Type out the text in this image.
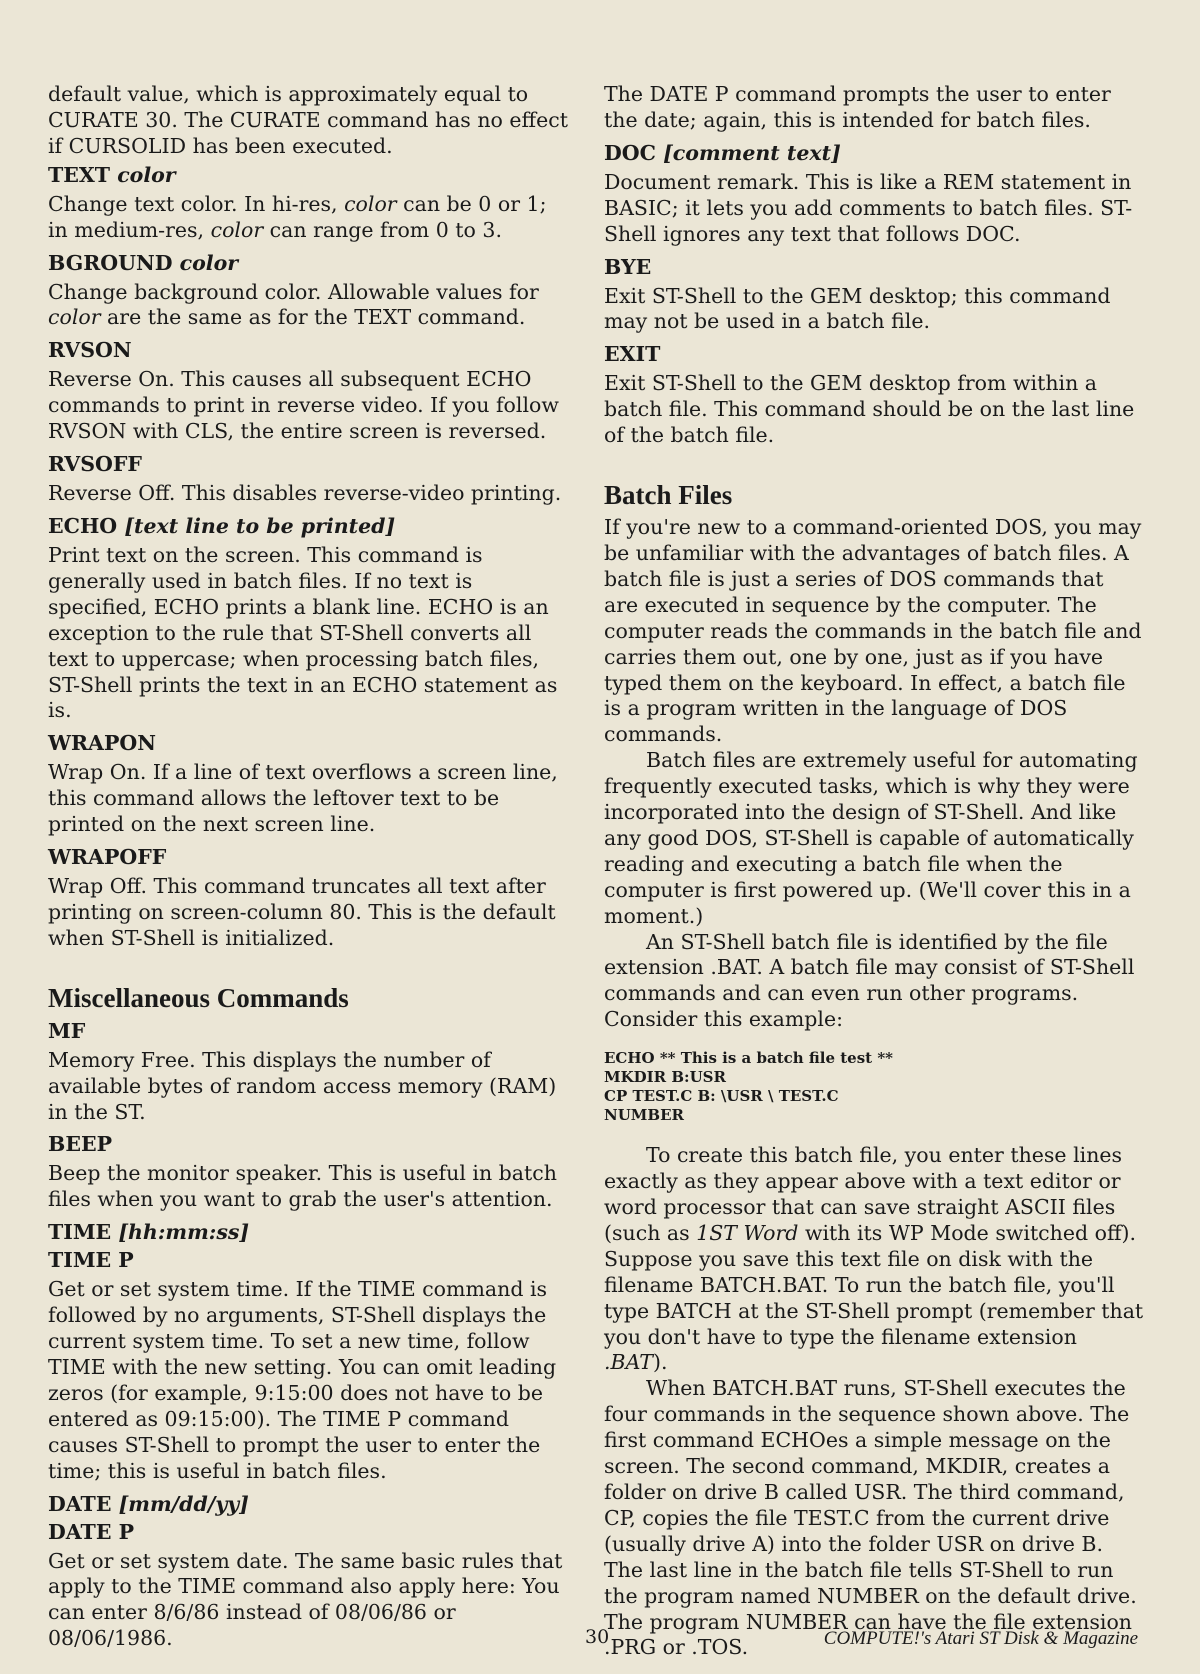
default value, which is approximately equal to CURATE 30. The CURATE command has no effect if CURSOLID has been executed.

TEXT color

Change text color. In hi-res, color can be 0 or 1; in medium-res, color can range from 0 to 3.

BGROUND color

Change background color. Allowable values for color are the same as for the TEXT command.

RVSON

Reverse On. This causes all subsequent ECHO commands to print in reverse video. If you follow RVSON with CLS, the entire screen is reversed.

RVSOFF

Reverse Off. This disables reverse-video printing.

ECHO [text line to be printed]

Print text on the screen. This command is generally used in batch files. If no text is specified, ECHO prints a blank line. ECHO is an exception to the rule that ST-Shell converts all text to uppercase; when processing batch files, ST-Shell prints the text in an ECHO statement as is.

WRAPON

Wrap On. If a line of text overflows a screen line, this command allows the leftover text to be printed on the next screen line.

WRAPOFF

Wrap Off. This command truncates all text after printing on screen-column 80. This is the default when ST-Shell is initialized.

Miscellaneous Commands
MF

Memory Free. This displays the number of available bytes of random access memory (RAM) in the ST.

BEEP

Beep the monitor speaker. This is useful in batch files when you want to grab the user's attention.

TIME [hh:mm:ss]
TIME P

Get or set system time. If the TIME command is followed by no arguments, ST-Shell displays the current system time. To set a new time, follow TIME with the new setting. You can omit leading zeros (for example, 9:15:00 does not have to be entered as 09:15:00). The TIME P command causes ST-Shell to prompt the user to enter the time; this is useful in batch files.

DATE [mm/dd/yy]
DATE P

Get or set system date. The same basic rules that apply to the TIME command also apply here: You can enter 8/6/86 instead of 08/06/86 or 08/06/1986.

The DATE P command prompts the user to enter the date; again, this is intended for batch files.

DOC [comment text]

Document remark. This is like a REM statement in BASIC; it lets you add comments to batch files. ST-Shell ignores any text that follows DOC.

BYE

Exit ST-Shell to the GEM desktop; this command may not be used in a batch file.

EXIT

Exit ST-Shell to the GEM desktop from within a batch file. This command should be on the last line of the batch file.

Batch Files

If you're new to a command-oriented DOS, you may be unfamiliar with the advantages of batch files. A batch file is just a series of DOS commands that are executed in sequence by the computer. The computer reads the commands in the batch file and carries them out, one by one, just as if you have typed them on the keyboard. In effect, a batch file is a program written in the language of DOS commands.

Batch files are extremely useful for automating frequently executed tasks, which is why they were incorporated into the design of ST-Shell. And like any good DOS, ST-Shell is capable of automatically reading and executing a batch file when the computer is first powered up. (We'll cover this in a moment.)

An ST-Shell batch file is identified by the file extension .BAT. A batch file may consist of ST-Shell commands and can even run other programs. Consider this example:

ECHO ** This is a batch file test **
MKDIR B:USR
CP TEST.C B: \USR \ TEST.C
NUMBER

To create this batch file, you enter these lines exactly as they appear above with a text editor or word processor that can save straight ASCII files (such as 1ST Word with its WP Mode switched off). Suppose you save this text file on disk with the filename BATCH.BAT. To run the batch file, you'll type BATCH at the ST-Shell prompt (remember that you don't have to type the filename extension .BAT).

When BATCH.BAT runs, ST-Shell executes the four commands in the sequence shown above. The first command ECHOes a simple message on the screen. The second command, MKDIR, creates a folder on drive B called USR. The third command, CP, copies the file TEST.C from the current drive (usually drive A) into the folder USR on drive B. The last line in the batch file tells ST-Shell to run the program named NUMBER on the default drive. The program NUMBER can have the file extension .PRG or .TOS.

30	COMPUTE!'s Atari ST Disk & Magazine
